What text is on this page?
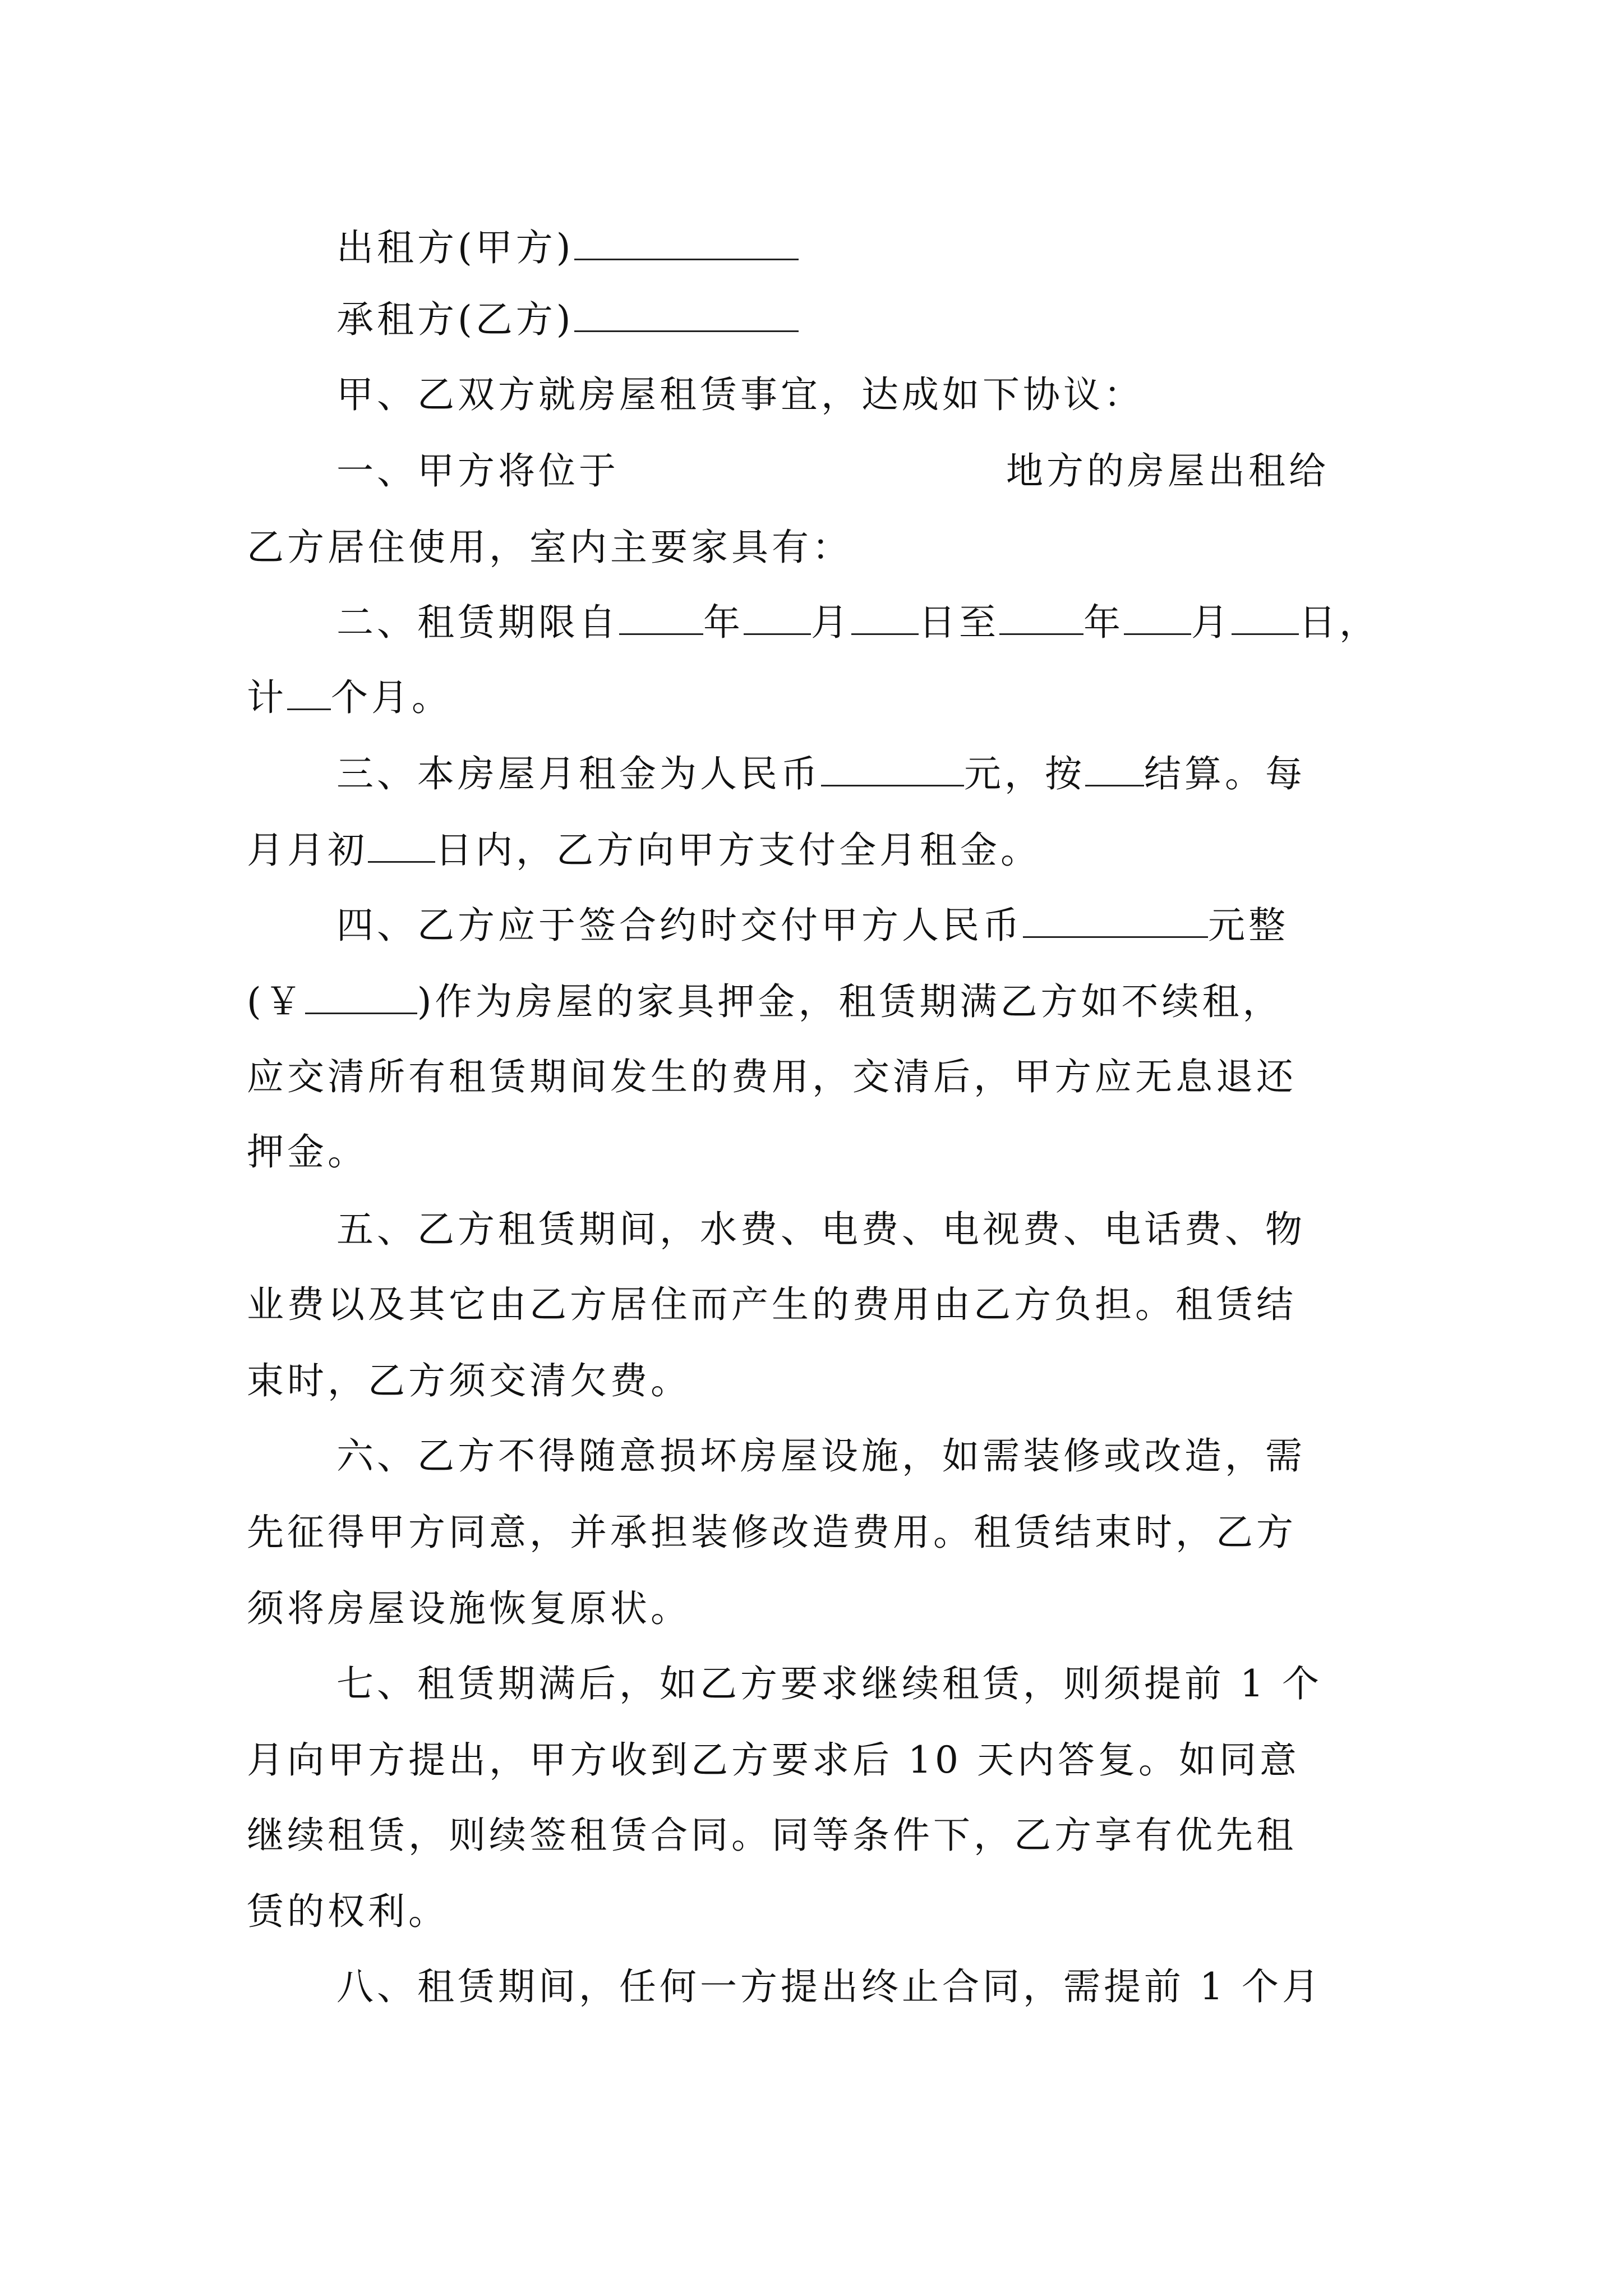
出租方(甲方)
承租方(乙方)
甲、乙双方就房屋租赁事宜，达成如下协议：
一、甲方将位于	地方的房屋出租给
乙方居住使用，室内主要家具有：
二、租赁期限自 年 月 日至 年 月 日，
计 个月。
三、本房屋月租金为人民币	元，按 结算。每
月月初 日内，乙方向甲方支付全月租金。
四、乙方应于签合约时交付甲方人民币	元整
(￥	)作为房屋的家具押金，租赁期满乙方如不续租，
应交清所有租赁期间发生的费用，交清后，甲方应无息退还
押金。
五、乙方租赁期间，水费、电费、电视费、电话费、物
业费以及其它由乙方居住而产生的费用由乙方负担。租赁结
束时，乙方须交清欠费。
六、乙方不得随意损坏房屋设施，如需装修或改造，需
先征得甲方同意，并承担装修改造费用。租赁结束时，乙方
须将房屋设施恢复原状。
七、租赁期满后，如乙方要求继续租赁，则须提前 1 个
月向甲方提出，甲方收到乙方要求后 10 天内答复。如同意
继续租赁，则续签租赁合同。同等条件下，乙方享有优先租
赁的权利。
八、租赁期间，任何一方提出终止合同，需提前 1 个月
